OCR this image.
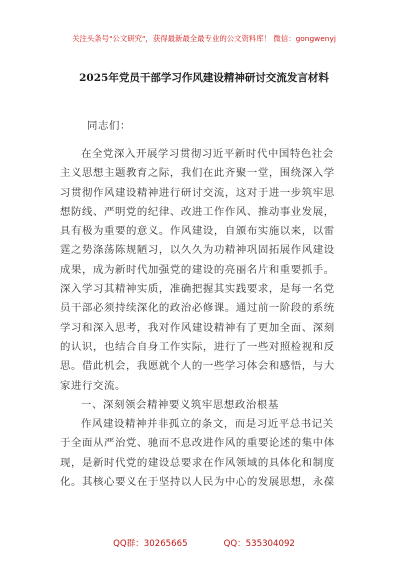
关注头条号"公文研究"，获得最新最全最专业的公文资料库！ 微信：gongwenyj
2025年党员干部学习作风建设精神研讨交流发言材料
同志们：
在全党深入开展学习贯彻习近平新时代中国特色社会
主义思想主题教育之际，我们在此齐聚一堂，围绕深入学
习贯彻作风建设精神进行研讨交流，这对于进一步筑牢思
想防线、严明党的纪律、改进工作作风、推动事业发展，
具有极为重要的意义。作风建设，自颁布实施以来，以雷
霆之势涤荡陈规陋习，以久久为功精神巩固拓展作风建设
成果，成为新时代加强党的建设的亮丽名片和重要抓手。
深入学习其精神实质，准确把握其实践要求，是每一名党
员干部必须持续深化的政治必修课。通过前一阶段的系统
学习和深入思考，我对作风建设精神有了更加全面、深刻
的认识，也结合自身工作实际，进行了一些对照检视和反
思。借此机会，我愿就个人的一些学习体会和感悟，与大
家进行交流。
一、深刻领会精神要义筑牢思想政治根基
作风建设精神并非孤立的条文，而是习近平总书记关
于全面从严治党、驰而不息改进作风的重要论述的集中体
现，是新时代党的建设总要求在作风领域的具体化和制度
化。其核心要义在于坚持以人民为中心的发展思想，永葆
QQ群：30265665	QQ：535304092
